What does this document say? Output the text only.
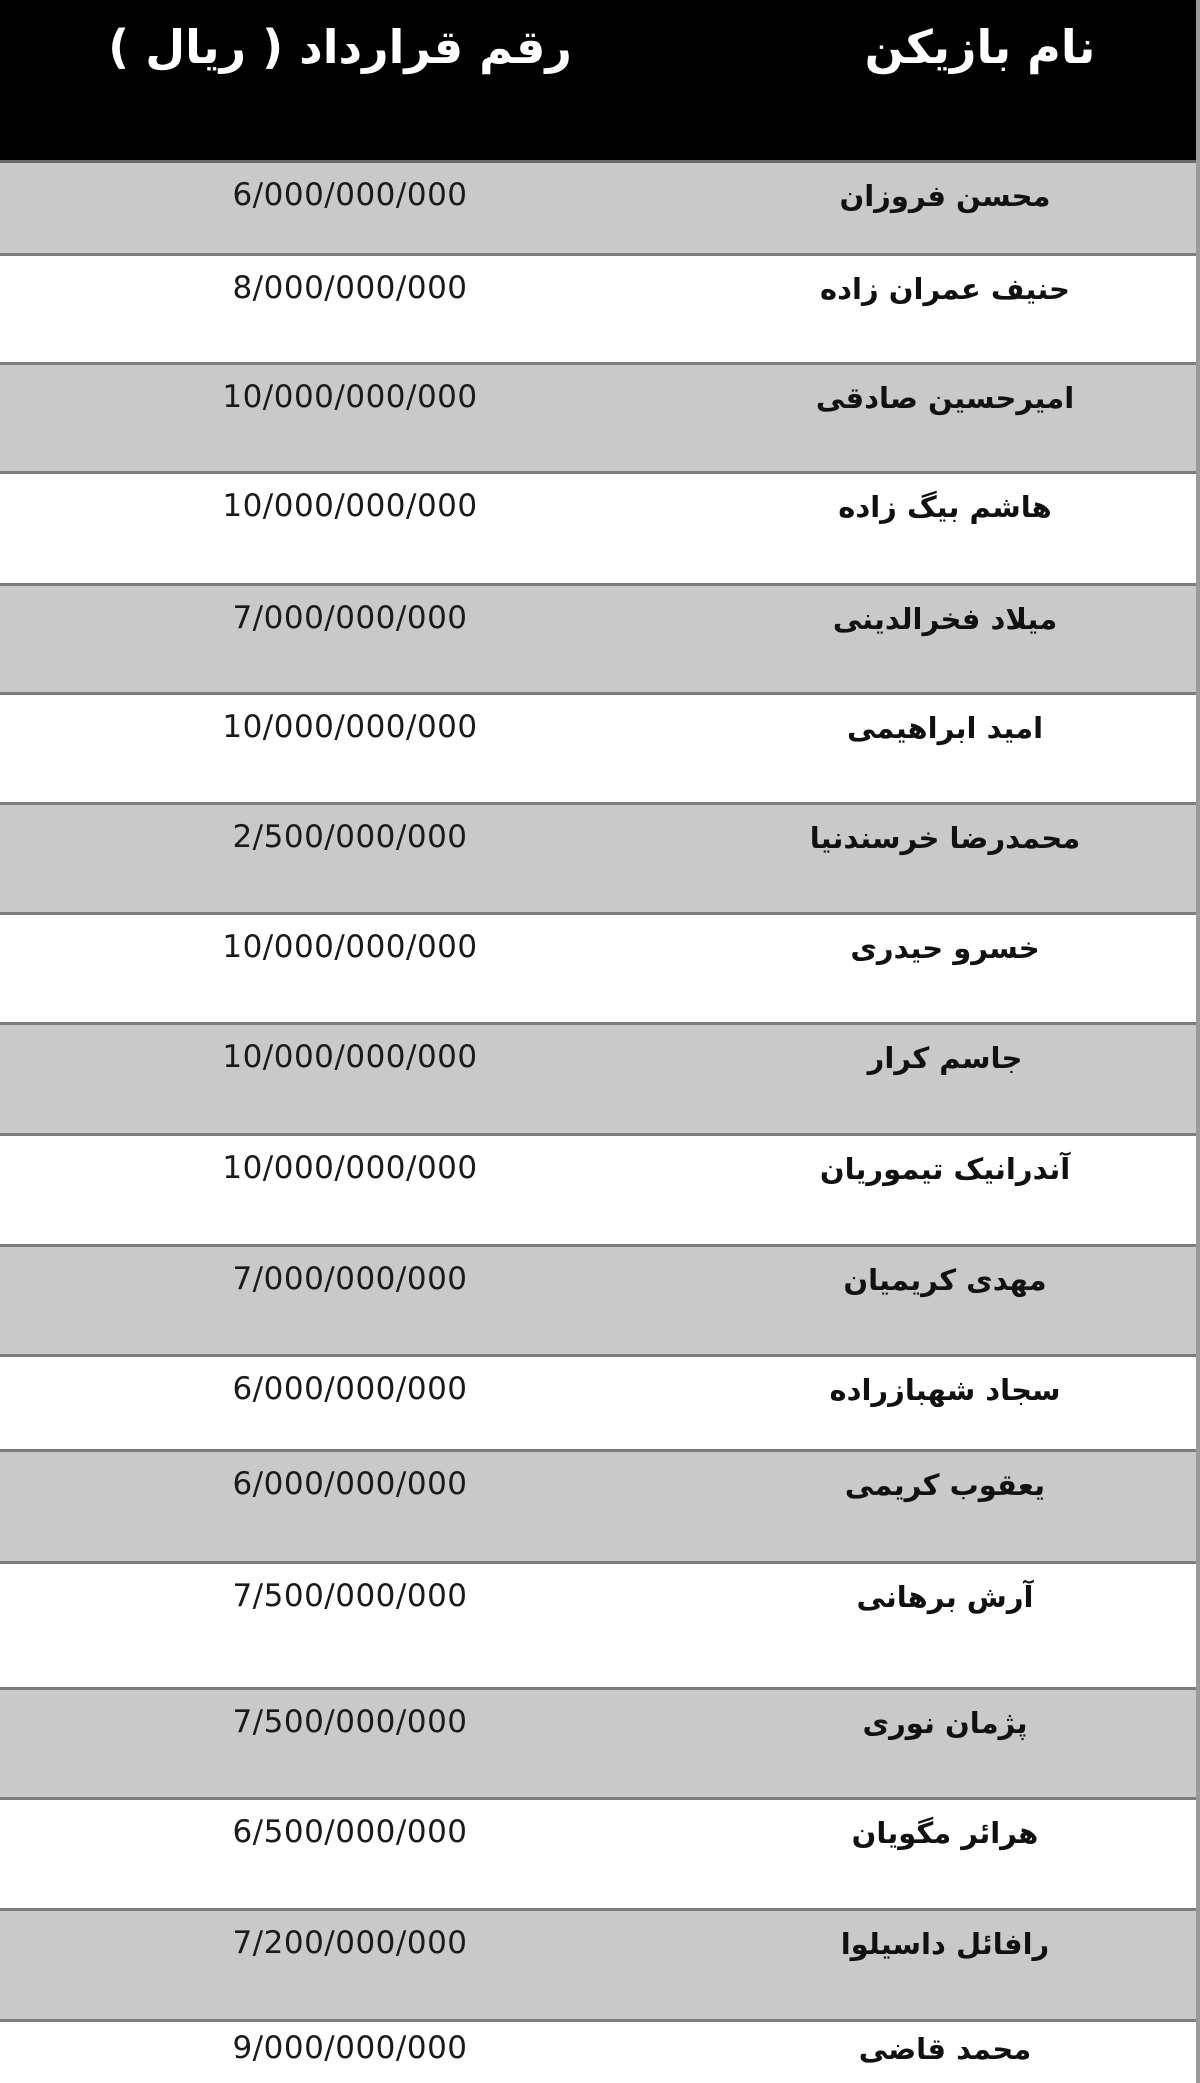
نام بازیکن
رقم قرارداد ( ریال )
محسن فروزان
6/000/000/000
حنیف عمران زاده
8/000/000/000
امیرحسین صادقی
10/000/000/000
هاشم بیگ زاده
10/000/000/000
میلاد فخرالدینی
7/000/000/000
امید ابراهیمی
10/000/000/000
محمدرضا خرسندنیا
2/500/000/000
خسرو حیدری
10/000/000/000
جاسم کرار
10/000/000/000
آندرانیک تیموریان
10/000/000/000
مهدی کریمیان
7/000/000/000
سجاد شهبازراده
6/000/000/000
یعقوب کریمی
6/000/000/000
آرش برهانی
7/500/000/000
پژمان نوری
7/500/000/000
هرائر مگویان
6/500/000/000
رافائل داسیلوا
7/200/000/000
محمد قاضی
9/000/000/000
